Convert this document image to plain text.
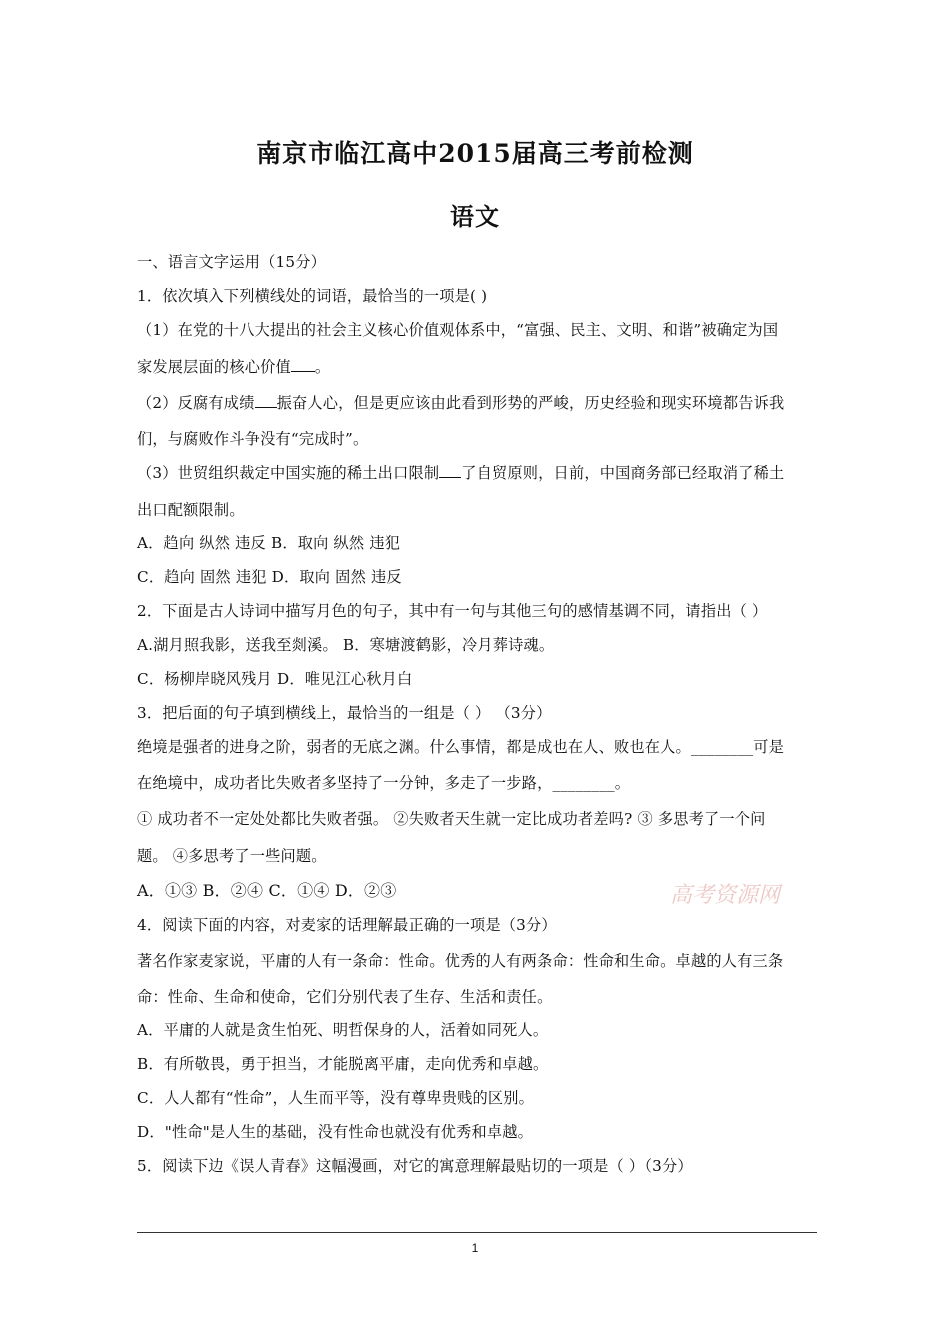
南京市临江高中2015届高三考前检测
语文
一、语言文字运用（15分）
1．依次填入下列横线处的词语，最恰当的一项是( )
（1）在党的十八大提出的社会主义核心价值观体系中，“富强、民主、文明、和谐”被确定为国
家发展层面的核心价值 。
（2）反腐有成绩 振奋人心，但是更应该由此看到形势的严峻，历史经验和现实环境都告诉我
们，与腐败作斗争没有“完成时”。
（3）世贸组织裁定中国实施的稀土出口限制 了自贸原则，日前，中国商务部已经取消了稀土
出口配额限制。
A．趋向 纵然 违反 B．取向 纵然 违犯
C．趋向 固然 违犯 D．取向 固然 违反
2．下面是古人诗词中描写月色的句子，其中有一句与其他三句的感情基调不同，请指出（ ）
A.湖月照我影，送我至剡溪。 B．寒塘渡鹤影，冷月葬诗魂。
C．杨柳岸晓风残月 D．唯见江心秋月白
3．把后面的句子填到横线上，最恰当的一组是（ ） （3分）
绝境是强者的进身之阶，弱者的无底之渊。什么事情，都是成也在人、败也在人。________可是
在绝境中，成功者比失败者多坚持了一分钟，多走了一步路，________。
① 成功者不一定处处都比失败者强。 ②失败者天生就一定比成功者差吗? ③ 多思考了一个问
题。 ④多思考了一些问题。
A．①③ B．②④ C．①④ D．②③
4．阅读下面的内容，对麦家的话理解最正确的一项是（3分）
著名作家麦家说，平庸的人有一条命：性命。优秀的人有两条命：性命和生命。卓越的人有三条
命：性命、生命和使命，它们分别代表了生存、生活和责任。
A．平庸的人就是贪生怕死、明哲保身的人，活着如同死人。
B．有所敬畏，勇于担当，才能脱离平庸，走向优秀和卓越。
C．人人都有“性命”，人生而平等，没有尊卑贵贱的区别。
D．"性命"是人生的基础，没有性命也就没有优秀和卓越。
5．阅读下边《误人青春》这幅漫画，对它的寓意理解最贴切的一项是（ ）（3分）
高考资源网
1
